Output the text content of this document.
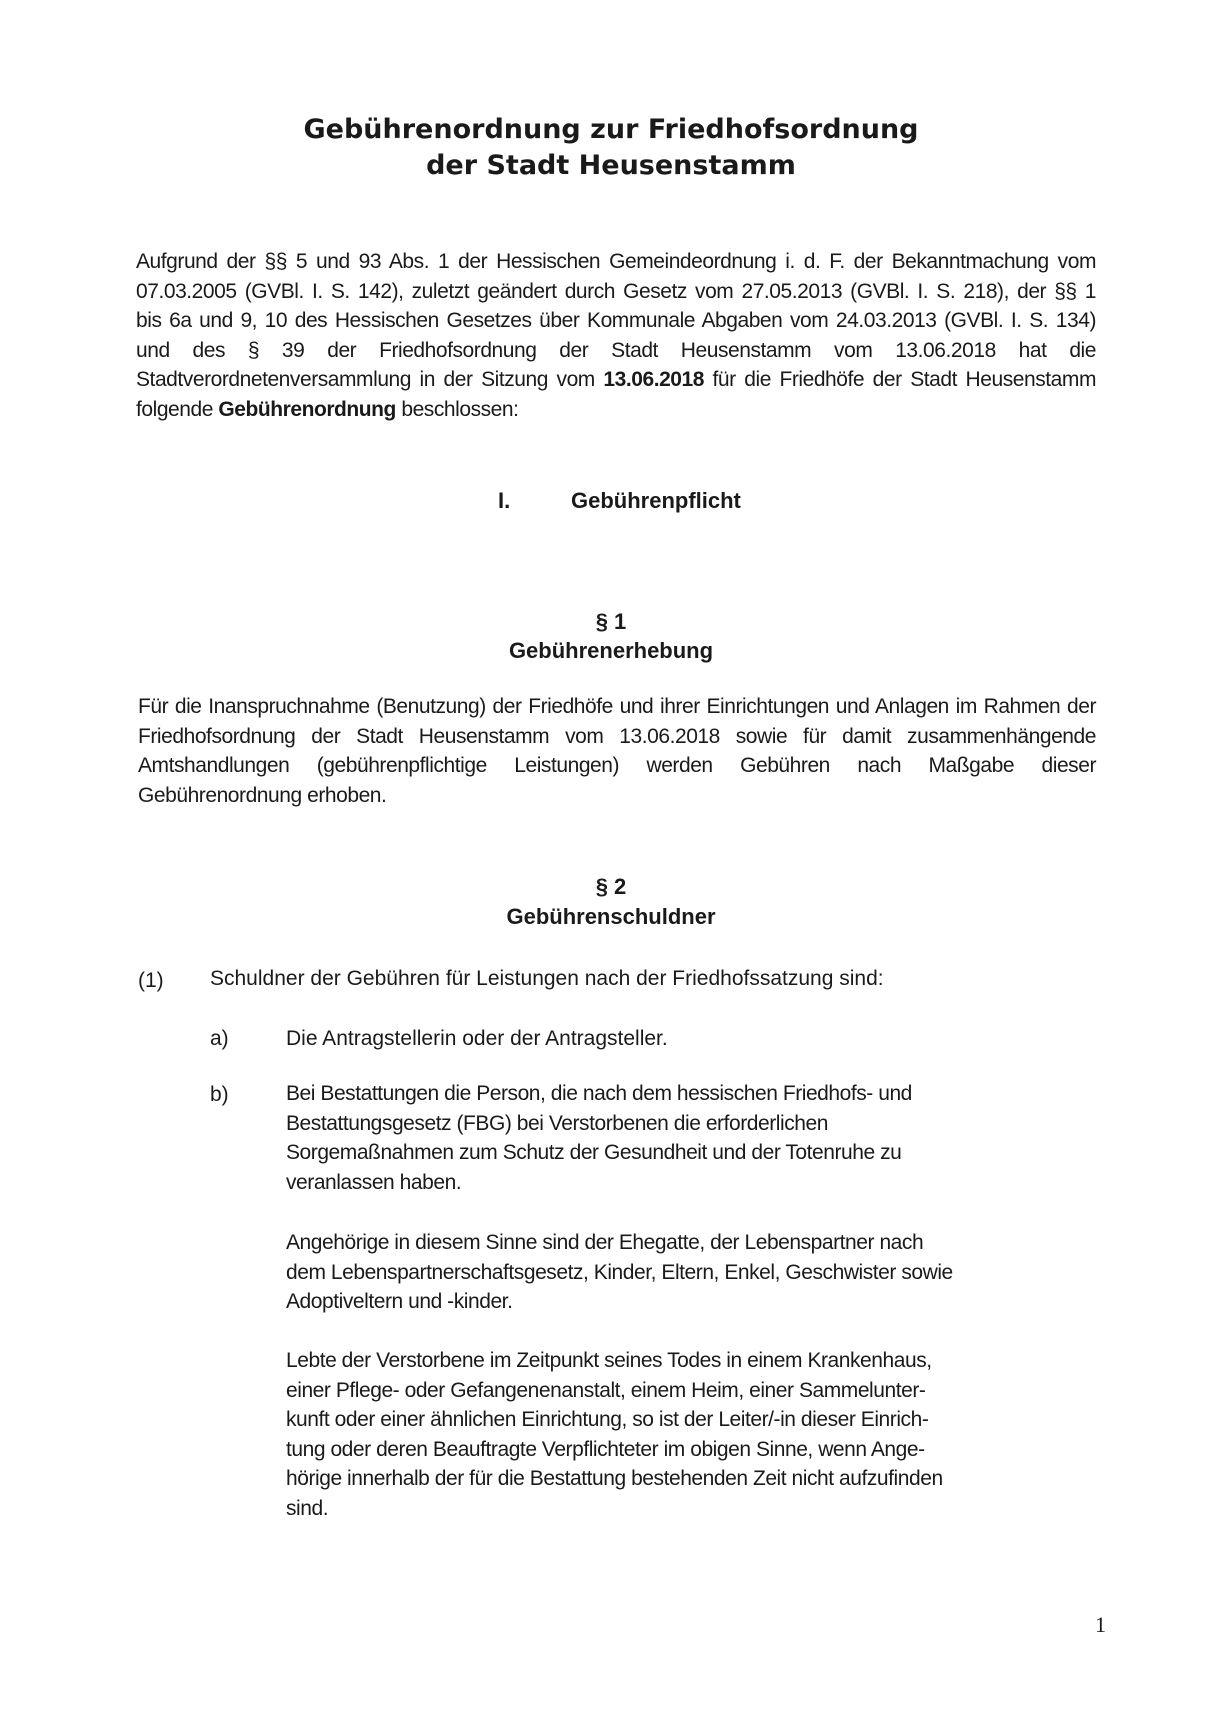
Gebührenordnung zur Friedhofsordnung
der Stadt Heusenstamm
Aufgrund der §§ 5 und 93 Abs. 1 der Hessischen Gemeindeordnung i. d. F. der Bekanntmachung vom
07.03.2005 (GVBl. I. S. 142), zuletzt geändert durch Gesetz vom 27.05.2013 (GVBl. I. S. 218), der §§ 1
bis 6a und 9, 10 des Hessischen Gesetzes über Kommunale Abgaben vom 24.03.2013 (GVBl. I. S. 134)
und des § 39 der Friedhofsordnung der Stadt Heusenstamm vom 13.06.2018 hat die
Stadtverordnetenversammlung in der Sitzung vom 13.06.2018 für die Friedhöfe der Stadt Heusenstamm
folgende Gebührenordnung beschlossen:
I.	Gebührenpflicht
§ 1
Gebührenerhebung
Für die Inanspruchnahme (Benutzung) der Friedhöfe und ihrer Einrichtungen und Anlagen im Rahmen der
Friedhofsordnung der Stadt Heusenstamm vom 13.06.2018 sowie für damit zusammenhängende
Amtshandlungen (gebührenpflichtige Leistungen) werden Gebühren nach Maßgabe dieser
Gebührenordnung erhoben.
§ 2
Gebührenschuldner
(1) Schuldner der Gebühren für Leistungen nach der Friedhofssatzung sind:
a)	Die Antragstellerin oder der Antragsteller.
b)	Bei Bestattungen die Person, die nach dem hessischen Friedhofs- und
Bestattungsgesetz (FBG) bei Verstorbenen die erforderlichen
Sorgemaßnahmen zum Schutz der Gesundheit und der Totenruhe zu
veranlassen haben.
Angehörige in diesem Sinne sind der Ehegatte, der Lebenspartner nach
dem Lebenspartnerschaftsgesetz, Kinder, Eltern, Enkel, Geschwister sowie
Adoptiveltern und -kinder.
Lebte der Verstorbene im Zeitpunkt seines Todes in einem Krankenhaus,
einer Pflege- oder Gefangenenanstalt, einem Heim, einer Sammelunter-
kunft oder einer ähnlichen Einrichtung, so ist der Leiter/-in dieser Einrich-
tung oder deren Beauftragte Verpflichteter im obigen Sinne, wenn Ange-
hörige innerhalb der für die Bestattung bestehenden Zeit nicht aufzufinden
sind.
1
